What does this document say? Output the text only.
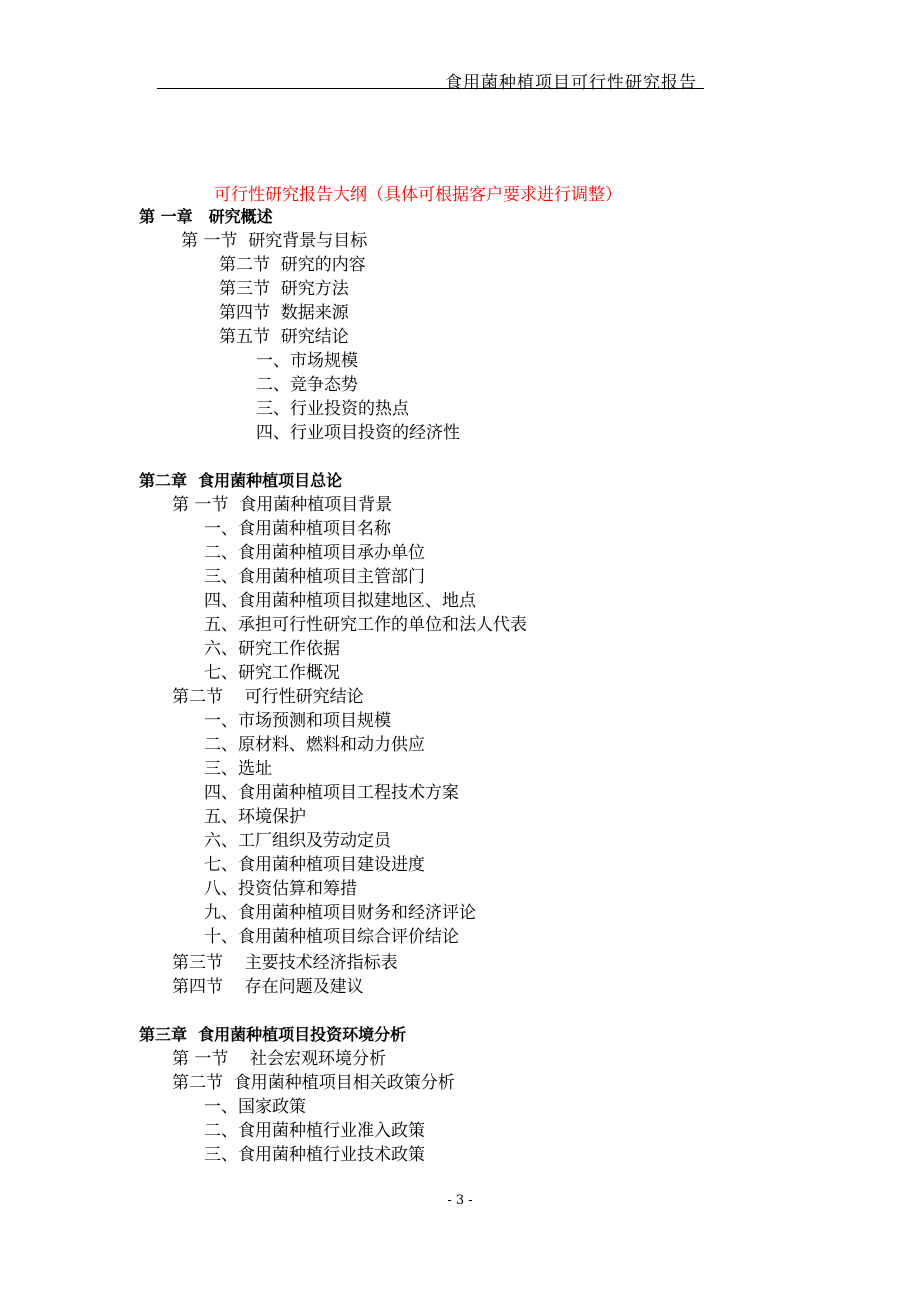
食用菌种植项目可行性研究报告
可行性研究报告大纲（具体可根据客户要求进行调整）
第 一章　研究概述
第 一节  研究背景与目标
第二节  研究的内容
第三节  研究方法
第四节  数据来源
第五节  研究结论
一、市场规模
二、竞争态势
三、行业投资的热点
四、行业项目投资的经济性
第二章  食用菌种植项目总论
第 一节  食用菌种植项目背景
一、食用菌种植项目名称
二、食用菌种植项目承办单位
三、食用菌种植项目主管部门
四、食用菌种植项目拟建地区、地点
五、承担可行性研究工作的单位和法人代表
六、研究工作依据
七、研究工作概况
第二节    可行性研究结论
一、市场预测和项目规模
二、原材料、燃料和动力供应
三、选址
四、食用菌种植项目工程技术方案
五、环境保护
六、工厂组织及劳动定员
七、食用菌种植项目建设进度
八、投资估算和筹措
九、食用菌种植项目财务和经济评论
十、食用菌种植项目综合评价结论
第三节    主要技术经济指标表
第四节    存在问题及建议
第三章  食用菌种植项目投资环境分析
第 一节    社会宏观环境分析
第二节  食用菌种植项目相关政策分析
一、国家政策
二、食用菌种植行业准入政策
三、食用菌种植行业技术政策
- 3 -
